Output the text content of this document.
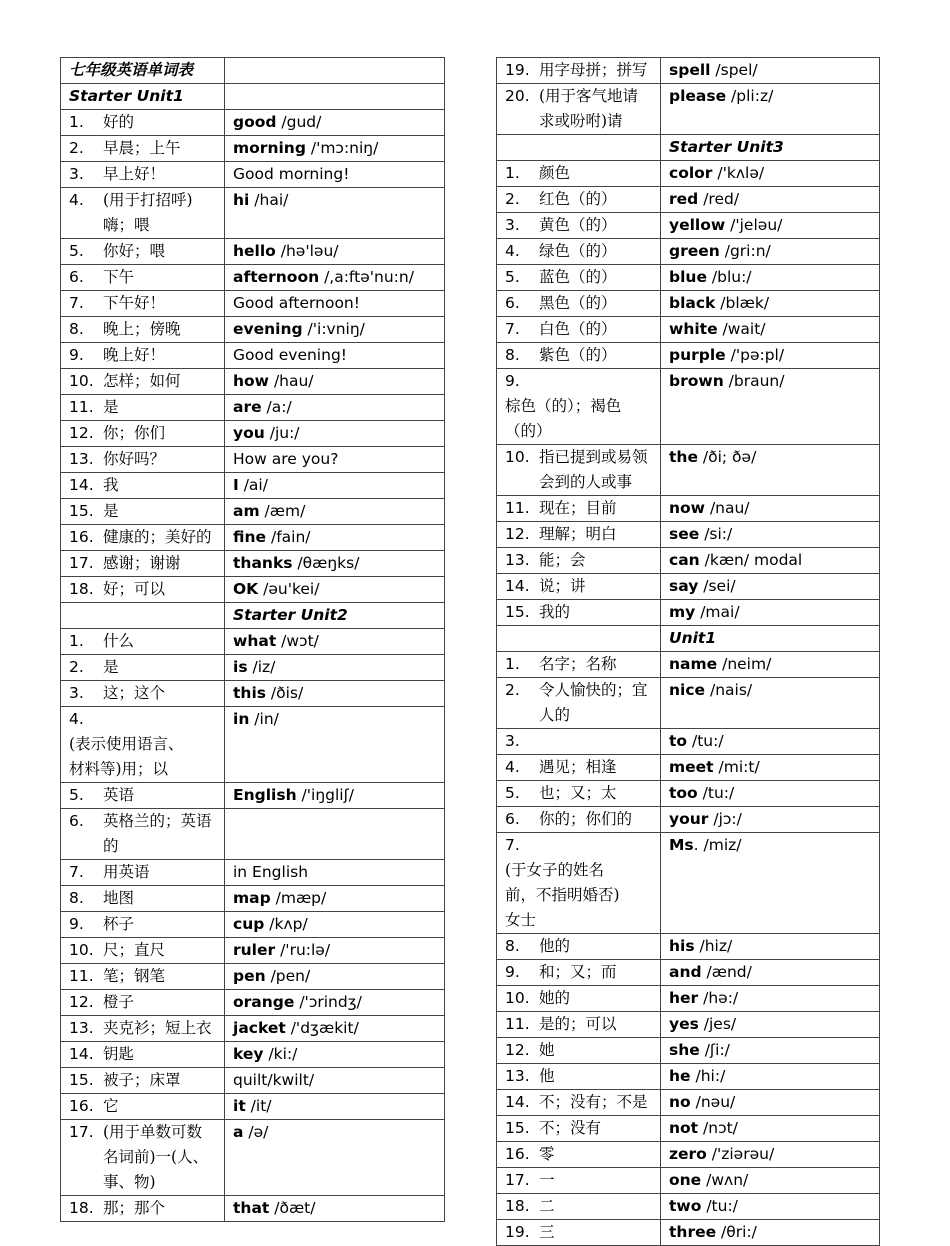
七年级英语单词表	
Starter Unit1	
1. 好的	good /gud/
2. 早晨；上午	morning /'mɔ:niŋ/
3. 早上好！	Good morning!
4. (用于打招呼)
嗨；喂	hi /hai/
5. 你好；喂	hello /hə'ləu/
6. 下午	afternoon /,a:ftə'nu:n/
7. 下午好！	Good afternoon!
8. 晚上；傍晚	evening /'i:vniŋ/
9. 晚上好！	Good evening!
10. 怎样；如何	how /hau/
11. 是	are /a:/
12. 你；你们	you /ju:/
13. 你好吗？	How are you?
14. 我	I /ai/
15. 是	am /æm/
16. 健康的；美好的	fine /fain/
17. 感谢；谢谢	thanks /θæŋks/
18. 好；可以	OK /əu'kei/
	Starter Unit2
1. 什么	what /wɔt/
2. 是	is /iz/
3. 这；这个	this /ðis/
4.
(表示使用语言、
材料等)用；以	in /in/
5. 英语	English /'iŋgliʃ/
6. 英格兰的；英语
的	

7. 用英语	in English
8. 地图	map /mæp/
9. 杯子	cup /kʌp/
10. 尺；直尺	ruler /'ru:lə/
11. 笔；钢笔	pen /pen/
12. 橙子	orange /'ɔrindʒ/
13. 夹克衫；短上衣	jacket /'dʒækit/
14. 钥匙	key /ki:/
15. 被子；床罩	quilt/kwilt/
16. 它	it /it/
17. (用于单数可数
名词前)一(人、
事、物)	a /ə/
18. 那；那个	that /ðæt/
19. 用字母拼；拼写	spell /spel/
20. (用于客气地请
求或吩咐)请	please /pli:z/
	Starter Unit3
1. 颜色	color /'kʌlə/
2. 红色（的）	red /red/
3. 黄色（的）	yellow /'jeləu/
4. 绿色（的）	green /gri:n/
5. 蓝色（的）	blue /blu:/
6. 黑色（的）	black /blæk/
7. 白色（的）	white /wait/
8. 紫色（的）	purple /'pə:pl/
9.
棕色（的）；褐色
（的）	brown /braun/
10. 指已提到或易领
会到的人或事	the /ði; ðə/
11. 现在；目前	now /nau/
12. 理解；明白	see /si:/
13. 能；会	can /kæn/ modal
14. 说；讲	say /sei/
15. 我的	my /mai/
	Unit1
1. 名字；名称	name /neim/
2. 令人愉快的；宜
人的	nice /nais/
3.	to /tu:/
4. 遇见；相逢	meet /mi:t/
5. 也；又；太	too /tu:/
6. 你的；你们的	your /jɔ:/
7.
(于女子的姓名
前，不指明婚否)
女士	Ms. /miz/
8. 他的	his /hiz/
9. 和；又；而	and /ænd/
10. 她的	her /hə:/
11. 是的；可以	yes /jes/
12. 她	she /ʃi:/
13. 他	he /hi:/
14. 不；没有；不是	no /nəu/
15. 不；没有	not /nɔt/
16. 零	zero /'ziərəu/
17. 一	one /wʌn/
18. 二	two /tu:/
19. 三	three /θri:/
